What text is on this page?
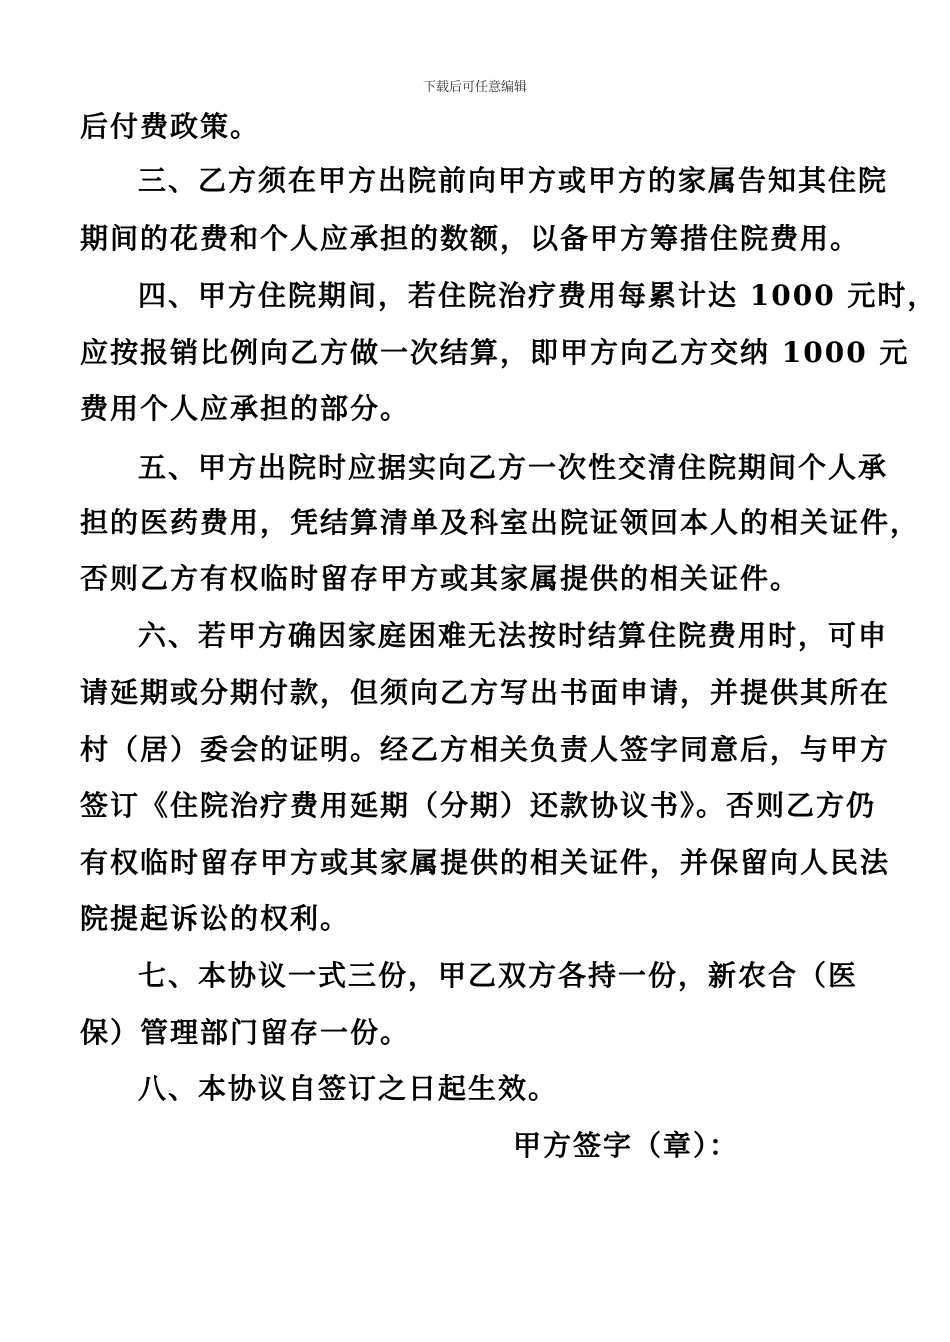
下载后可任意编辑
后付费政策。
三、乙方须在甲方出院前向甲方或甲方的家属告知其住院
期间的花费和个人应承担的数额，以备甲方筹措住院费用。
四、甲方住院期间，若住院治疗费用每累计达 1000 元时，
应按报销比例向乙方做一次结算，即甲方向乙方交纳 1000 元
费用个人应承担的部分。
五、甲方出院时应据实向乙方一次性交清住院期间个人承
担的医药费用，凭结算清单及科室出院证领回本人的相关证件，
否则乙方有权临时留存甲方或其家属提供的相关证件。
六、若甲方确因家庭困难无法按时结算住院费用时，可申
请延期或分期付款，但须向乙方写出书面申请，并提供其所在
村（居）委会的证明。经乙方相关负责人签字同意后，与甲方
签订《住院治疗费用延期（分期）还款协议书》。否则乙方仍
有权临时留存甲方或其家属提供的相关证件，并保留向人民法
院提起诉讼的权利。
七、本协议一式三份，甲乙双方各持一份，新农合（医
保）管理部门留存一份。
八、本协议自签订之日起生效。
甲方签字（章）：
